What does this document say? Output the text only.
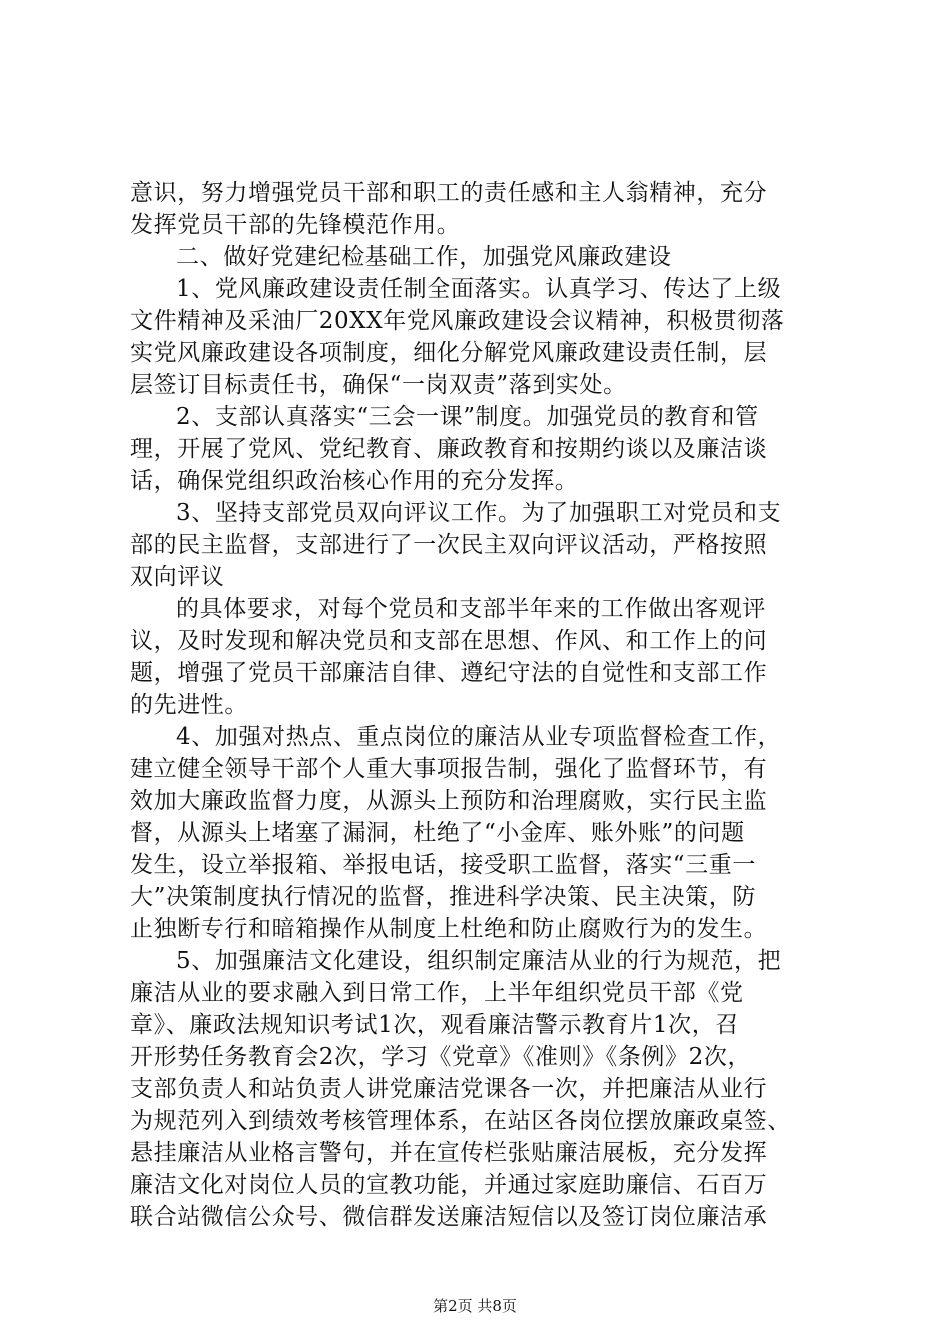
意识，努力增强党员干部和职工的责任感和主人翁精神，充分
发挥党员干部的先锋模范作用。
二、做好党建纪检基础工作，加强党风廉政建设
1、党风廉政建设责任制全面落实。认真学习、传达了上级
文件精神及采油厂20XX年党风廉政建设会议精神，积极贯彻落
实党风廉政建设各项制度，细化分解党风廉政建设责任制，层
层签订目标责任书，确保“一岗双责”落到实处。
2、支部认真落实“三会一课”制度。加强党员的教育和管
理，开展了党风、党纪教育、廉政教育和按期约谈以及廉洁谈
话，确保党组织政治核心作用的充分发挥。
3、坚持支部党员双向评议工作。为了加强职工对党员和支
部的民主监督，支部进行了一次民主双向评议活动，严格按照
双向评议
的具体要求，对每个党员和支部半年来的工作做出客观评
议，及时发现和解决党员和支部在思想、作风、和工作上的问
题，增强了党员干部廉洁自律、遵纪守法的自觉性和支部工作
的先进性。
4、加强对热点、重点岗位的廉洁从业专项监督检查工作，
建立健全领导干部个人重大事项报告制，强化了监督环节，有
效加大廉政监督力度，从源头上预防和治理腐败，实行民主监
督，从源头上堵塞了漏洞，杜绝了“小金库、账外账”的问题
发生，设立举报箱、举报电话，接受职工监督，落实“三重一
大”决策制度执行情况的监督，推进科学决策、民主决策，防
止独断专行和暗箱操作从制度上杜绝和防止腐败行为的发生。
5、加强廉洁文化建设，组织制定廉洁从业的行为规范，把
廉洁从业的要求融入到日常工作，上半年组织党员干部《党
章》、廉政法规知识考试1次，观看廉洁警示教育片1次，召
开形势任务教育会2次，学习《党章》《准则》《条例》2次，
支部负责人和站负责人讲党廉洁党课各一次，并把廉洁从业行
为规范列入到绩效考核管理体系，在站区各岗位摆放廉政桌签、
悬挂廉洁从业格言警句，并在宣传栏张贴廉洁展板，充分发挥
廉洁文化对岗位人员的宣教功能，并通过家庭助廉信、石百万
联合站微信公众号、微信群发送廉洁短信以及签订岗位廉洁承
第2页 共8页
